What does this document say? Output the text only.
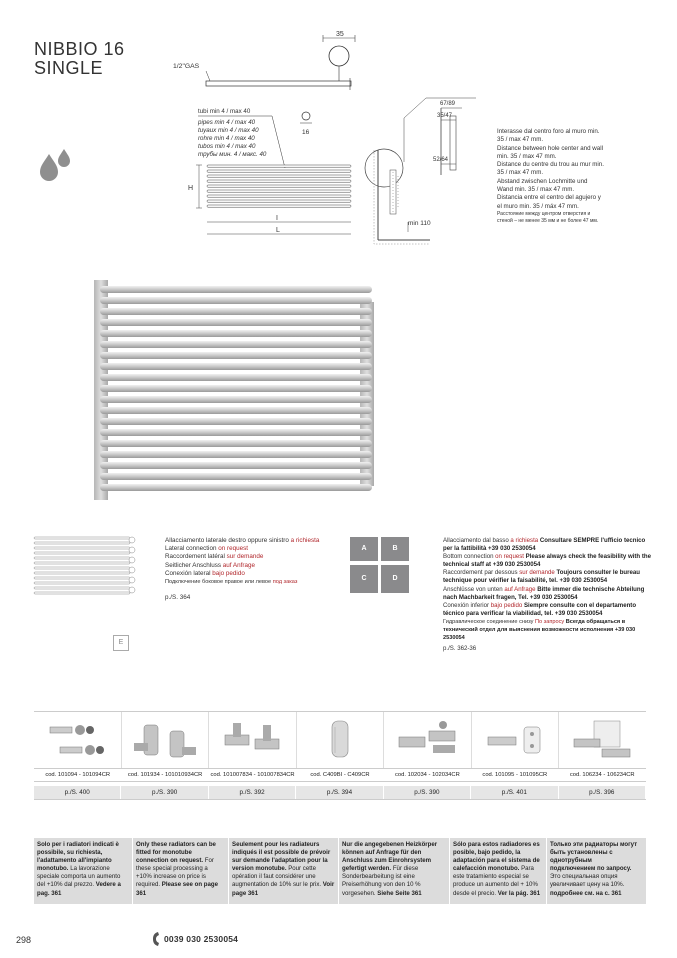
NIBBIO 16
SINGLE
35
1/2"GAS
tubi min 4 / max 40
pipes min 4 / max 40
tuyaux min 4 / max 40
rohre min 4 / max 40
tubos min 4 / max 40
трубы мин. 4 / макс. 40
16
H
I
L
67/89
35/47
52/64
min 110
Interasse dal centro foro al muro min. 35 / max 47 mm.
Distance between hole center and wall min. 35 / max 47 mm.
Distance du centre du trou au mur min. 35 / max 47 mm.
Abstand zwischen Lochmitte und Wand min. 35 / max 47 mm.
Distancia entre el centro del agujero y el muro min. 35 / máx 47 mm.
Расстояние между центром отверстия и стеной – не менее 35 мм и не более 47 мм.
E
Allacciamento laterale destro oppure sinistro a richiesta
Lateral connection on request
Raccordement latéral sur demande
Seitlicher Anschluss auf Anfrage
Conexión lateral bajo pedido
Подключение боковое правое или левое под заказ
p./S. 364
A	B
C	D
Allacciamento dal basso a richiesta Consultare SEMPRE l'ufficio tecnico per la fattibilità +39 030 2530054
Bottom connection on request Please always check the feasibility with the technical staff at +39 030 2530054
Raccordement par dessous sur demande Toujours consulter le bureau technique pour vérifier la faisabilité, tel. +39 030 2530054
Anschlüsse von unten auf Anfrage Bitte immer die technische Abteilung nach Machbarkeit fragen, Tel. +39 030 2530054
Conexión inferior bajo pedido Siempre consulte con el departamento técnico para verificar la viabilidad, tel. +39 030 2530054
Гидравлическое соединение снизу По запросу Всегда обращаться в технический отдел для выяснения возможности исполнения +39 030 2530054
p./S. 362-36
cod. 101094 - 101094CR	cod. 101934 - 101010934CR	cod. 101007834 - 101007834CR	cod. C409BI - C409CR	cod. 102034 - 102034CR	cod. 101095 - 101095CR	cod. 106234 - 106234CR
p./S. 400	p./S. 390	p./S. 392	p./S. 394	p./S. 390	p./S. 401	p./S. 396
Solo per i radiatori indicati è possibile, su richiesta, l'adattamento all'impianto monotubo. La lavorazione speciale comporta un aumento del +10% dal prezzo. Vedere a pag. 361
Only these radiators can be fitted for monotube connection on request. For these special processing a +10% increase on price is required. Please see on page 361
Seulement pour les radiateurs indiqués il est possible de prévoir sur demande l'adaptation pour la version monotube. Pour cette opération il faut considérer une augmentation de 10% sur le prix. Voir page 361
Nur die angegebenen Heizkörper können auf Anfrage für den Anschluss zum Einrohrsystem gefertigt werden. Für diese Sonderbearbeitung ist eine Preiserhöhung von den 10 % vorgesehen. Siehe Seite 361
Sólo para estos radiadores es posible, bajo pedido, la adaptación para el sistema de calefacción monotubo. Para este tratamiento especial se produce un aumento del + 10% desde el precio. Ver la pág. 361
Только эти радиаторы могут быть установлены с однотрубным подключением по запросу. Это специальная опция увеличивает цену на 10%. подробнее см. на с. 361
298	0039 030 2530054
